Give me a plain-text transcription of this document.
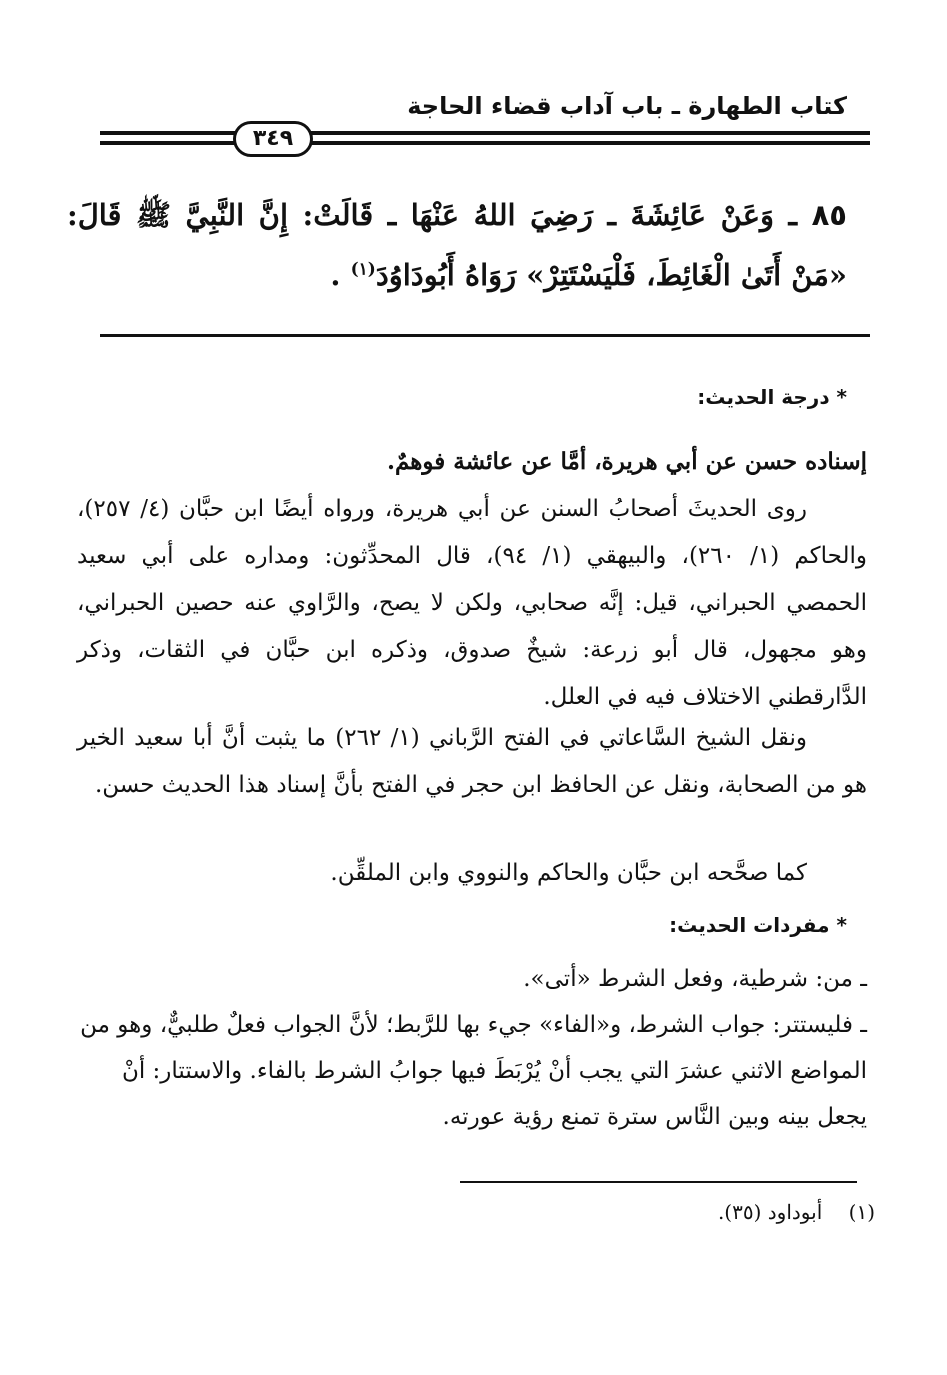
كتاب الطهارة ـ باب آداب قضاء الحاجة
٣٤٩
٨٥ ـ وَعَنْ عَائِشَةَ ـ رَضِيَ اللهُ عَنْهَا ـ قَالَتْ: إِنَّ النَّبِيَّ ﷺ قَالَ: «مَنْ أَتَىٰ الْغَائِطَ، فَلْيَسْتَتِرْ» رَوَاهُ أَبُودَاوُدَ$^{(١)}$ .
* درجة الحديث:
إسناده حسن عن أبي هريرة، أمَّا عن عائشة فوهمٌ.
روى الحديثَ أصحابُ السنن عن أبي هريرة، ورواه أيضًا ابن حبَّان (٤/ ٢٥٧)، والحاكم (١/ ٢٦٠)، والبيهقي (١/ ٩٤)، قال المحدِّثون: ومداره على أبي سعيد الحمصي الحبراني، قيل: إنَّه صحابي، ولكن لا يصح، والرَّاوي عنه حصين الحبراني، وهو مجهول، قال أبو زرعة: شيخٌ صدوق، وذكره ابن حبَّان في الثقات، وذكر الدَّارقطني الاختلاف فيه في العلل.
ونقل الشيخ السَّاعاتي في الفتح الرَّباني (١/ ٢٦٢) ما يثبت أنَّ أبا سعيد الخير هو من الصحابة، ونقل عن الحافظ ابن حجر في الفتح بأنَّ إسناد هذا الحديث حسن.
كما صحَّحه ابن حبَّان والحاكم والنووي وابن الملقِّن.
* مفردات الحديث:
ـ من: شرطية، وفعل الشرط «أتى».
ـ فليستتر: جواب الشرط، و«الفاء» جيء بها للرَّبط؛ لأنَّ الجواب فعلٌ طلبيٌّ، وهو من المواضع الاثني عشرَ التي يجب أنْ يُرْبَطَ فيها جوابُ الشرط بالفاء. والاستتار: أنْ يجعل بينه وبين النَّاس سترة تمنع رؤية عورته.
(١) أبوداود (٣٥).
